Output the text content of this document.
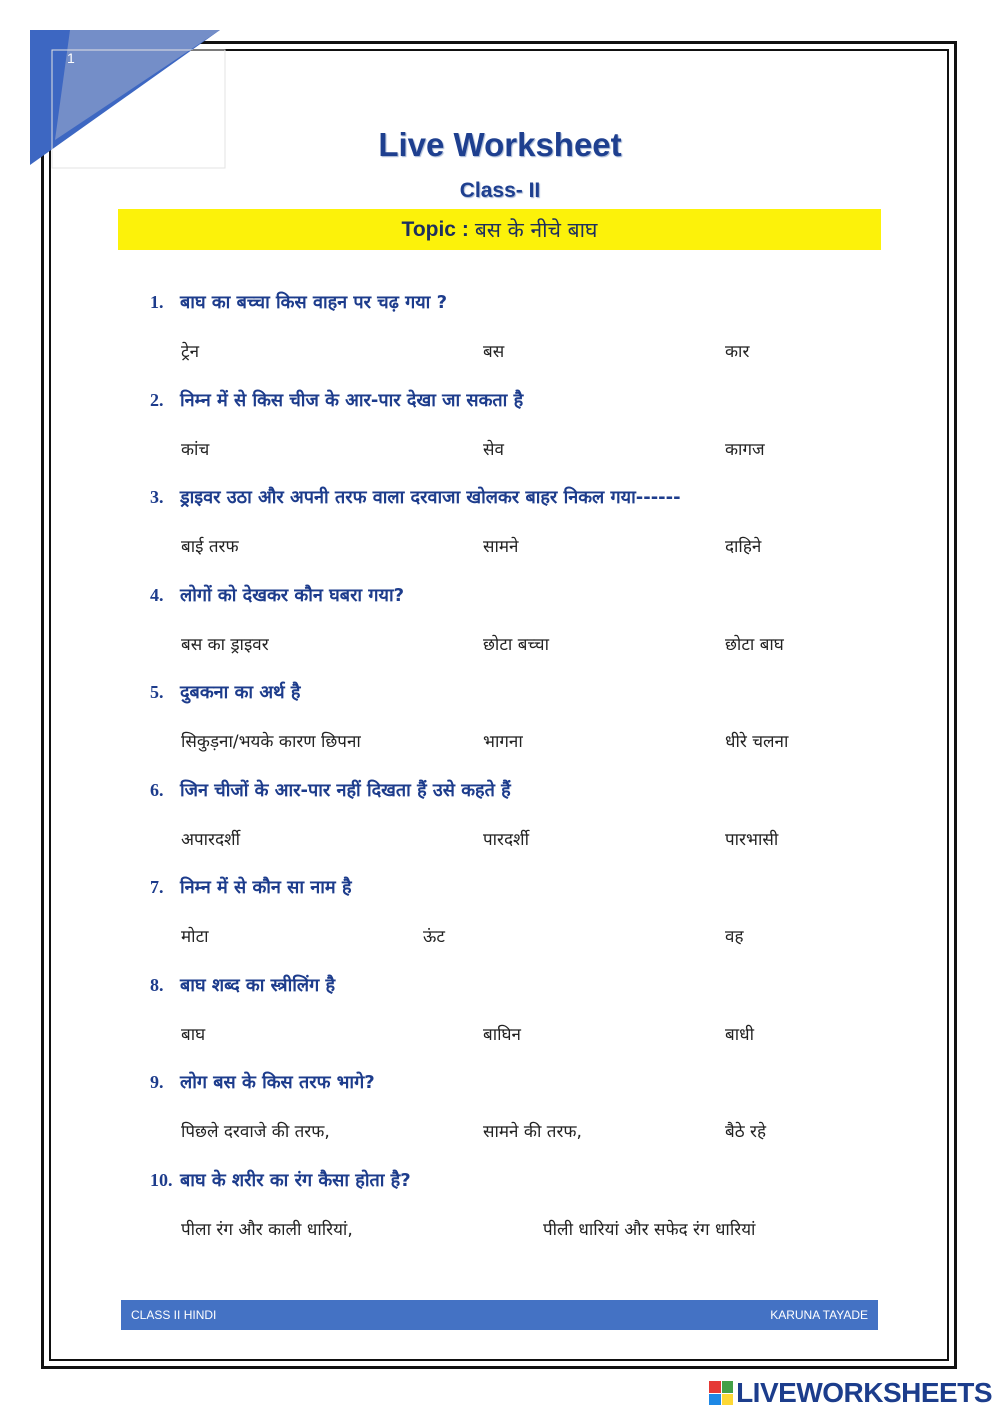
1
Live Worksheet
Class- II
Topic : बस के नीचे बाघ
1. बाघ का बच्चा किस वाहन पर चढ़ गया ?
ट्रेन	बस	कार
2. निम्न में से किस चीज के आर-पार देखा जा सकता है
कांच	सेव	कागज
3. ड्राइवर उठा और अपनी तरफ वाला दरवाजा खोलकर बाहर निकल गया------
बाई तरफ	सामने	दाहिने
4. लोगों को देखकर कौन घबरा गया?
बस का ड्राइवर	छोटा बच्चा	छोटा बाघ
5. दुबकना का अर्थ है
सिकुड़ना/भयके कारण छिपना	भागना	धीरे चलना
6. जिन चीजों के आर-पार नहीं दिखता हैं उसे कहते हैं
अपारदर्शी	पारदर्शी	पारभासी
7. निम्न में से कौन सा नाम है
मोटा	ऊंट	वह
8. बाघ शब्द का स्त्रीलिंग है
बाघ	बाघिन	बाधी
9. लोग बस के किस तरफ भागे?
पिछले दरवाजे की तरफ,	सामने की तरफ,	बैठे रहे
10. बाघ के शरीर का रंग कैसा होता है?
पीला रंग और काली धारियां,	पीली धारियां और सफेद रंग धारियां
CLASS II HINDI	KARUNA TAYADE
LIVEWORKSHEETS
